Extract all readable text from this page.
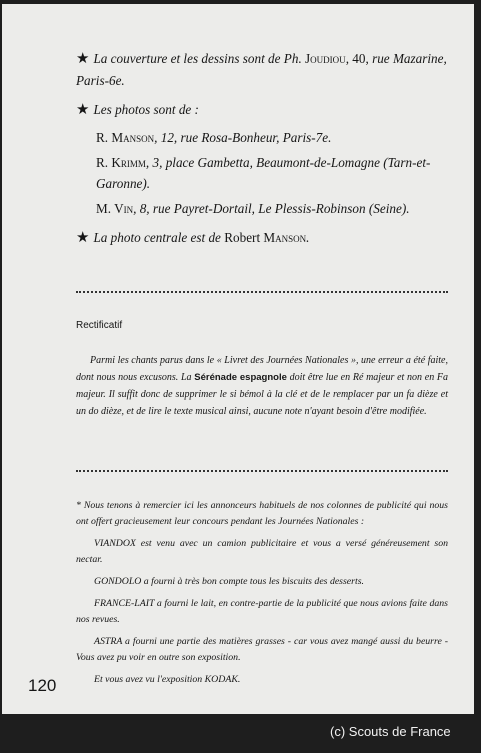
★ La couverture et les dessins sont de Ph. Joudiou, 40, rue Mazarine, Paris-6e.

★ Les photos sont de :

R. Manson, 12, rue Rosa-Bonheur, Paris-7e.

R. Krimm, 3, place Gambetta, Beaumont-de-Lomagne (Tarn-et-Garonne).

M. Vin, 8, rue Payret-Dortail, Le Plessis-Robinson (Seine).

★ La photo centrale est de Robert Manson.

Rectificatif

Parmi les chants parus dans le « Livret des Journées Nationales », une erreur a été faite, dont nous nous excusons. La Sérénade espagnole doit être lue en Ré majeur et non en Fa majeur. Il suffit donc de supprimer le si bémol à la clé et de le remplacer par un fa dièze et un do dièze, et de lire le texte musical ainsi, aucune note n'ayant besoin d'être modifiée.

* Nous tenons à remercier ici les annonceurs habituels de nos colonnes de publicité qui nous ont offert gracieusement leur concours pendant les Journées Nationales :

VIANDOX est venu avec un camion publicitaire et vous a versé généreusement son nectar.

GONDOLO a fourni à très bon compte tous les biscuits des desserts.

FRANCE-LAIT a fourni le lait, en contre-partie de la publicité que nous avions faite dans nos revues.

ASTRA a fourni une partie des matières grasses - car vous avez mangé aussi du beurre - Vous avez pu voir en outre son exposition.

Et vous avez vu l'exposition KODAK.

120

(c) Scouts de France
